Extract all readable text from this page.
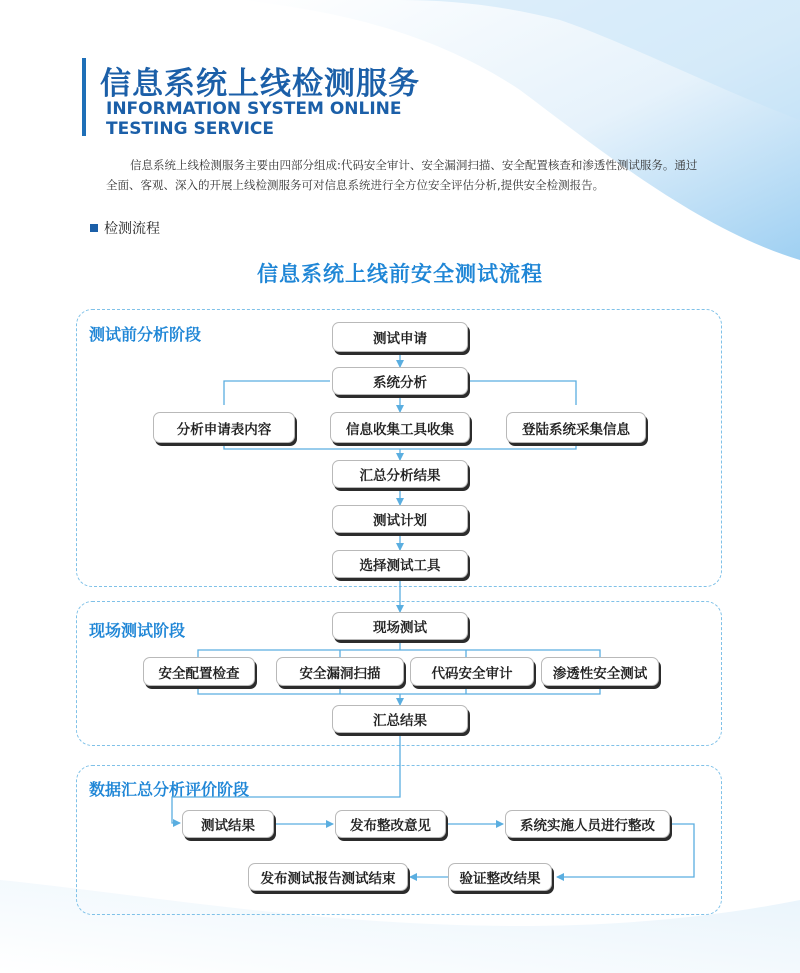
信息系统上线检测服务
INFORMATION SYSTEM ONLINE
TESTING SERVICE
信息系统上线检测服务主要由四部分组成:代码安全审计、安全漏洞扫描、安全配置核查和渗透性测试服务。通过全面、客观、深入的开展上线检测服务可对信息系统进行全方位安全评估分析,提供安全检测报告。
检测流程
信息系统上线前安全测试流程
测试前分析阶段
现场测试阶段
数据汇总分析评价阶段
测试申请
系统分析
分析申请表内容	信息收集工具收集	登陆系统采集信息
汇总分析结果
测试计划
选择测试工具
现场测试
安全配置检查	安全漏洞扫描	代码安全审计	渗透性安全测试
汇总结果
测试结果	发布整改意见	系统实施人员进行整改
验证整改结果
发布测试报告测试结束
